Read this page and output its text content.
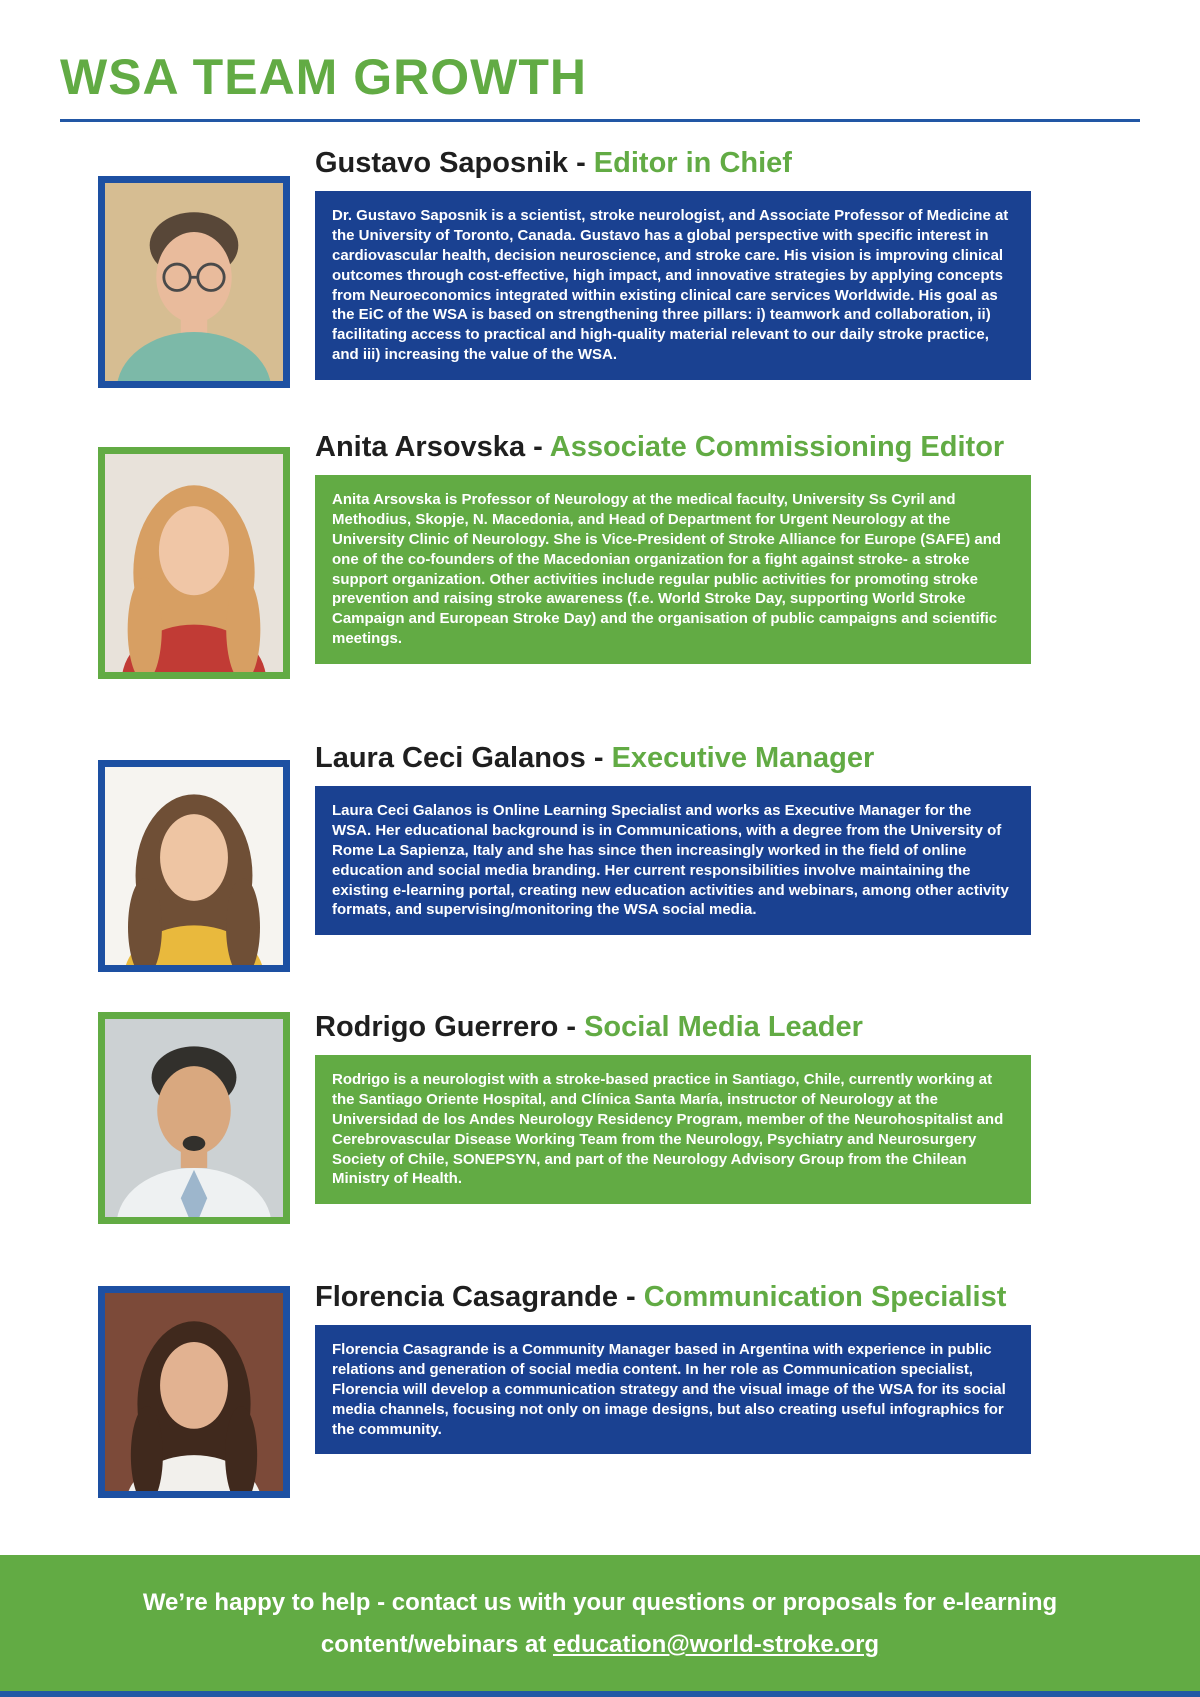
WSA TEAM GROWTH
Gustavo Saposnik - Editor in Chief
Dr. Gustavo Saposnik is a scientist, stroke neurologist, and Associate Professor of Medicine at the University of Toronto, Canada. Gustavo has a global perspective with specific interest in cardiovascular health, decision neuroscience, and stroke care. His vision is improving clinical outcomes through cost-effective, high impact, and innovative strategies by applying concepts from Neuroeconomics integrated within existing clinical care services Worldwide. His goal as the EiC of the WSA is based on strengthening three pillars: i) teamwork and collaboration, ii) facilitating access to practical and high-quality material relevant to our daily stroke practice, and iii) increasing the value of the WSA.
Anita Arsovska - Associate Commissioning Editor
Anita Arsovska is Professor of Neurology at the medical faculty, University Ss Cyril and Methodius, Skopje, N. Macedonia, and Head of Department for Urgent Neurology at the University Clinic of Neurology. She is Vice-President of Stroke Alliance for Europe (SAFE) and one of the co-founders of the Macedonian organization for a fight against stroke- a stroke support organization. Other activities include regular public activities for promoting stroke prevention and raising stroke awareness (f.e. World Stroke Day, supporting World Stroke Campaign and European Stroke Day) and the organisation of public campaigns and scientific meetings.
Laura Ceci Galanos - Executive Manager
Laura Ceci Galanos is Online Learning Specialist and works as Executive Manager for the WSA. Her educational background is in Communications, with a degree from the University of Rome La Sapienza, Italy and she has since then increasingly worked in the field of online education and social media branding. Her current responsibilities involve maintaining the existing e-learning portal, creating new education activities and webinars, among other activity formats, and supervising/monitoring the WSA social media.
Rodrigo Guerrero - Social Media Leader
Rodrigo is a neurologist with a stroke-based practice in Santiago, Chile, currently working at the Santiago Oriente Hospital, and Clínica Santa María, instructor of Neurology at the Universidad de los Andes Neurology Residency Program, member of the Neurohospitalist and Cerebrovascular Disease Working Team from the Neurology, Psychiatry and Neurosurgery Society of Chile, SONEPSYN, and part of the Neurology Advisory Group from the Chilean Ministry of Health.
Florencia Casagrande - Communication Specialist
Florencia Casagrande is a Community Manager based in Argentina with experience in public relations and generation of social media content. In her role as Communication specialist, Florencia will develop a communication strategy and the visual image of the WSA for its social media channels, focusing not only on image designs, but also creating useful infographics for the community.
We’re happy to help - contact us with your questions or proposals for e-learning
content/webinars at education@world-stroke.org
